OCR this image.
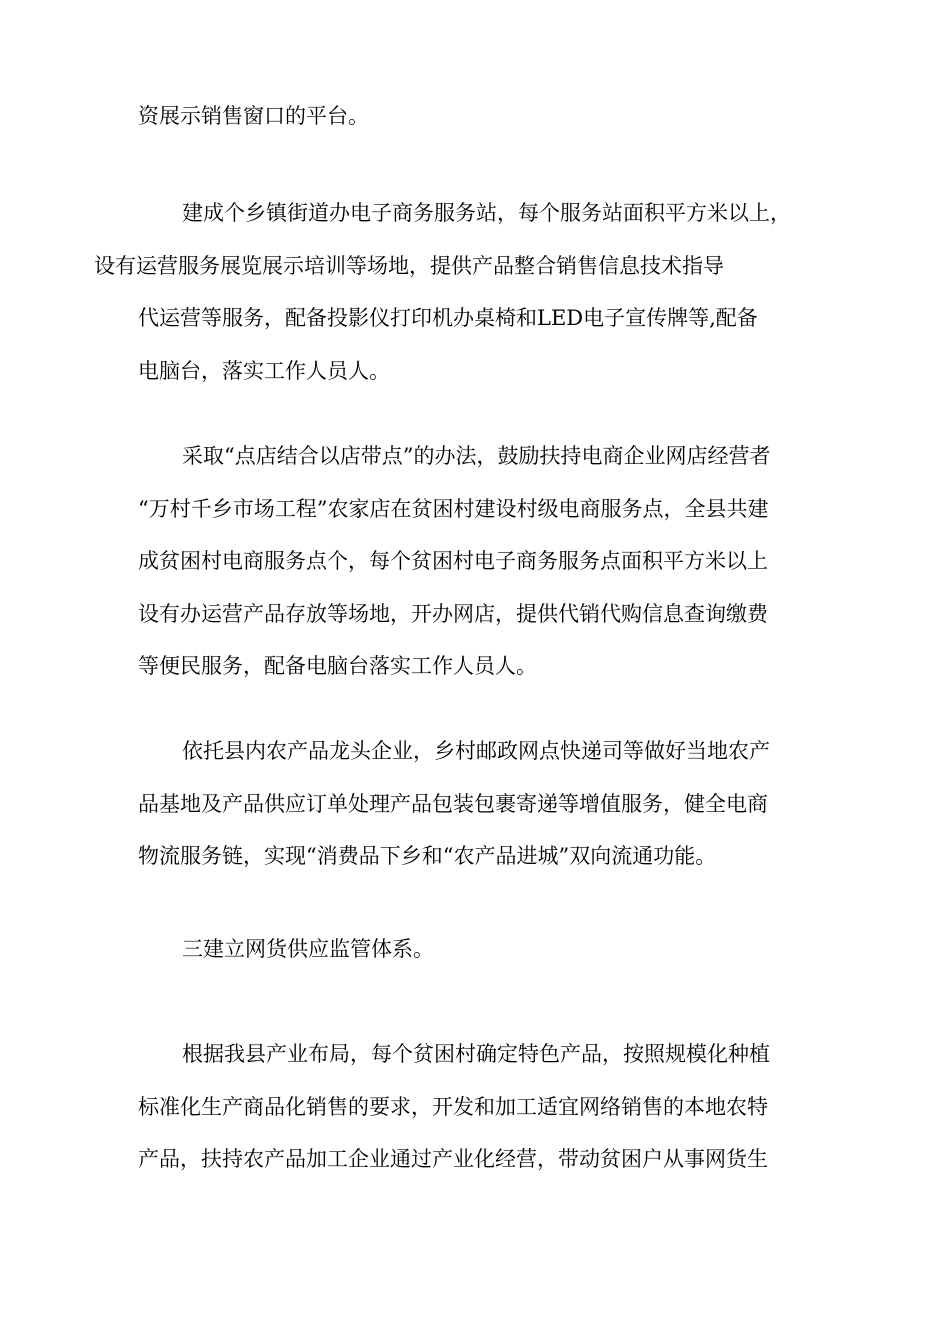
资展示销售窗口的平台。

建成个乡镇街道办电子商务服务站，每个服务站面积平方米以上，
设有运营服务展览展示培训等场地，提供产品整合销售信息技术指导
代运营等服务，配备投影仪打印机办桌椅和LED电子宣传牌等,配备
电脑台，落实工作人员人。

采取“点店结合以店带点”的办法，鼓励扶持电商企业网店经营者
“万村千乡市场工程”农家店在贫困村建设村级电商服务点，全县共建
成贫困村电商服务点个，每个贫困村电子商务服务点面积平方米以上
设有办运营产品存放等场地，开办网店，提供代销代购信息查询缴费
等便民服务，配备电脑台落实工作人员人。

依托县内农产品龙头企业，乡村邮政网点快递司等做好当地农产
品基地及产品供应订单处理产品包装包裹寄递等增值服务，健全电商
物流服务链，实现“消费品下乡和“农产品进城”双向流通功能。

三建立网货供应监管体系。

根据我县产业布局，每个贫困村确定特色产品，按照规模化种植
标准化生产商品化销售的要求，开发和加工适宜网络销售的本地农特
产品，扶持农产品加工企业通过产业化经营，带动贫困户从事网货生
